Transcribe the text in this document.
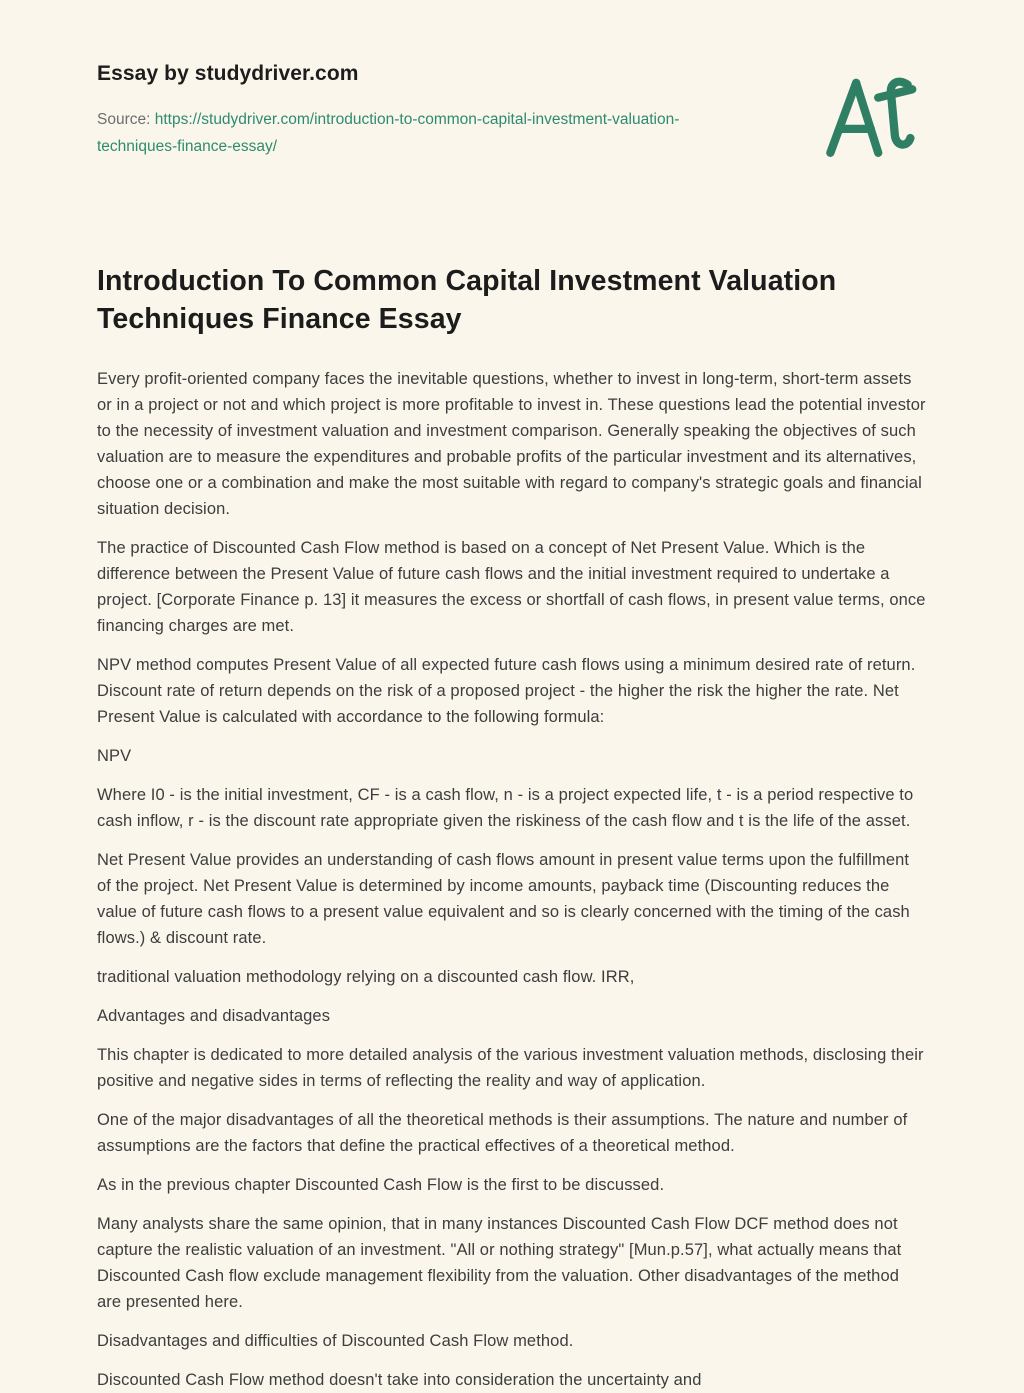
Essay by studydriver.com

Source: https://studydriver.com/introduction-to-common-capital-investment-valuation-techniques-finance-essay/

Introduction To Common Capital Investment Valuation Techniques Finance Essay

Every profit-oriented company faces the inevitable questions, whether to invest in long-term, short-term assets or in a project or not and which project is more profitable to invest in. These questions lead the potential investor to the necessity of investment valuation and investment comparison. Generally speaking the objectives of such valuation are to measure the expenditures and probable profits of the particular investment and its alternatives, choose one or a combination and make the most suitable with regard to company's strategic goals and financial situation decision.

The practice of Discounted Cash Flow method is based on a concept of Net Present Value. Which is the difference between the Present Value of future cash flows and the initial investment required to undertake a project. [Corporate Finance p. 13] it measures the excess or shortfall of cash flows, in present value terms, once financing charges are met.

NPV method computes Present Value of all expected future cash flows using a minimum desired rate of return. Discount rate of return depends on the risk of a proposed project - the higher the risk the higher the rate. Net Present Value is calculated with accordance to the following formula:

NPV

Where I0 - is the initial investment, CF - is a cash flow, n - is a project expected life, t - is a period respective to cash inflow, r - is the discount rate appropriate given the riskiness of the cash flow and t is the life of the asset.

Net Present Value provides an understanding of cash flows amount in present value terms upon the fulfillment of the project. Net Present Value is determined by income amounts, payback time (Discounting reduces the value of future cash flows to a present value equivalent and so is clearly concerned with the timing of the cash flows.) & discount rate.

traditional valuation methodology relying on a discounted cash flow. IRR,

Advantages and disadvantages

This chapter is dedicated to more detailed analysis of the various investment valuation methods, disclosing their positive and negative sides in terms of reflecting the reality and way of application.

One of the major disadvantages of all the theoretical methods is their assumptions. The nature and number of assumptions are the factors that define the practical effectives of a theoretical method.

As in the previous chapter Discounted Cash Flow is the first to be discussed.

Many analysts share the same opinion, that in many instances Discounted Cash Flow DCF method does not capture the realistic valuation of an investment. "All or nothing strategy" [Mun.p.57], what actually means that Discounted Cash flow exclude management flexibility from the valuation. Other disadvantages of the method are presented here.

Disadvantages and difficulties of Discounted Cash Flow method.

Discounted Cash Flow method doesn't take into consideration the uncertainty and
